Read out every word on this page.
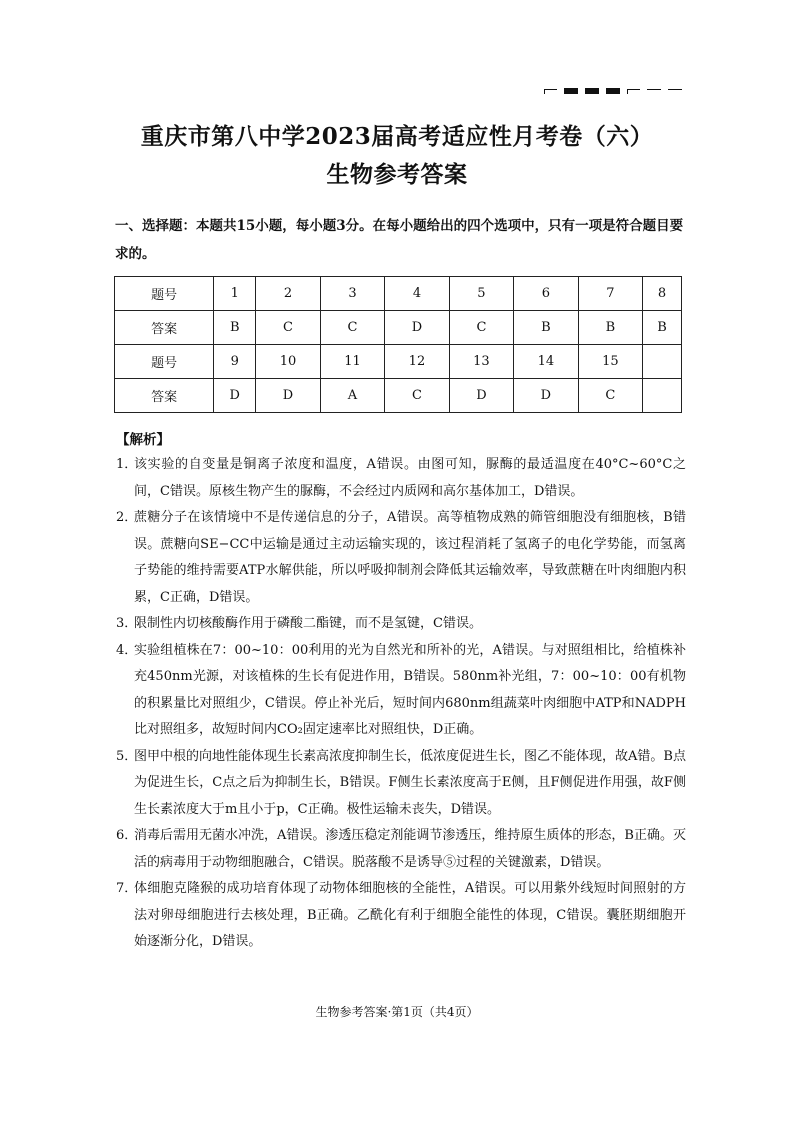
重庆市第八中学2023届高考适应性月考卷（六）
生物参考答案
一、选择题：本题共15小题，每小题3分。在每小题给出的四个选项中，只有一项是符合题目要求的。
题号	1	2	3	4	5	6	7	8
答案	B	C	C	D	C	B	B	B
题号	9	10	11	12	13	14	15	
答案	D	D	A	C	D	D	C	
【解析】
1．
该实验的自变量是铜离子浓度和温度，A错误。由图可知，脲酶的最适温度在40°C~60°C之间，C错误。原核生物产生的脲酶，不会经过内质网和高尔基体加工，D错误。
2．
蔗糖分子在该情境中不是传递信息的分子，A错误。高等植物成熟的筛管细胞没有细胞核，B错误。蔗糖向SE−CC中运输是通过主动运输实现的，该过程消耗了氢离子的电化学势能，而氢离子势能的维持需要ATP水解供能，所以呼吸抑制剂会降低其运输效率，导致蔗糖在叶肉细胞内积累，C正确，D错误。
3．
限制性内切核酸酶作用于磷酸二酯键，而不是氢键，C错误。
4．
实验组植株在7：00~10：00利用的光为自然光和所补的光，A错误。与对照组相比，给植株补充450nm光源，对该植株的生长有促进作用，B错误。580nm补光组，7：00~10：00有机物的积累量比对照组少，C错误。停止补光后，短时间内680nm组蔬菜叶肉细胞中ATP和NADPH比对照组多，故短时间内CO₂固定速率比对照组快，D正确。
5．
图甲中根的向地性能体现生长素高浓度抑制生长，低浓度促进生长，图乙不能体现，故A错。B点为促进生长，C点之后为抑制生长，B错误。F侧生长素浓度高于E侧，且F侧促进作用强，故F侧生长素浓度大于m且小于p，C正确。极性运输未丧失，D错误。
6．
消毒后需用无菌水冲洗，A错误。渗透压稳定剂能调节渗透压，维持原生质体的形态，B正确。灭活的病毒用于动物细胞融合，C错误。脱落酸不是诱导⑤过程的关键激素，D错误。
7．
体细胞克隆猴的成功培育体现了动物体细胞核的全能性，A错误。可以用紫外线短时间照射的方法对卵母细胞进行去核处理，B正确。乙酰化有利于细胞全能性的体现，C错误。囊胚期细胞开始逐渐分化，D错误。
生物参考答案·第1页（共4页）
